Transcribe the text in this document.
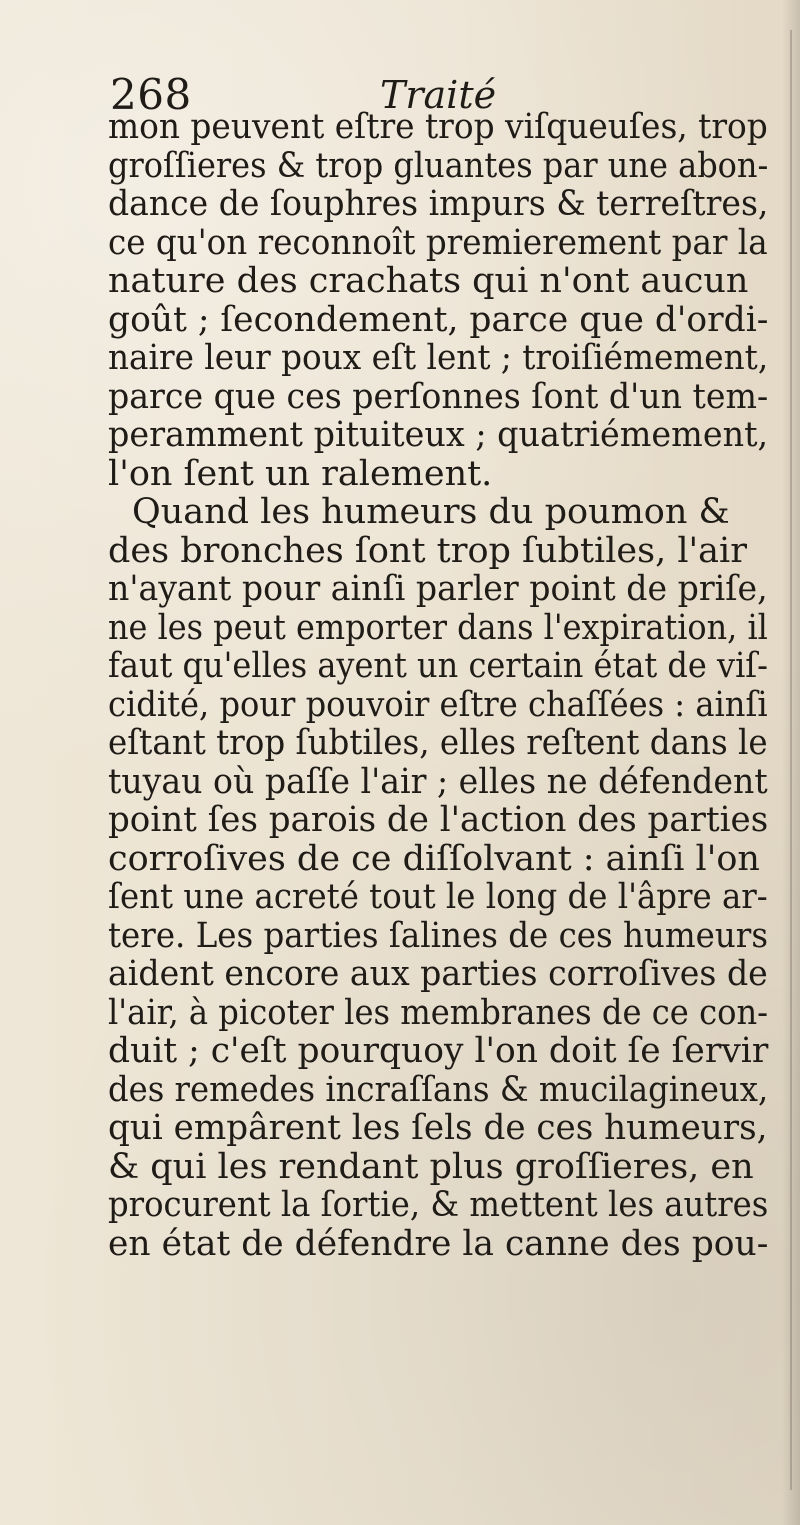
268	Traité
mon peuvent eſtre trop viſqueuſes, trop
groſſieres & trop gluantes par une abon-
dance de ſouphres impurs & terreſtres,
ce qu'on reconnoît premierement par la
nature des crachats qui n'ont aucun
goût ; ſecondement, parce que d'ordi-
naire leur poux eſt lent ; troiſiémement,
parce que ces perſonnes ſont d'un tem-
peramment pituiteux ; quatriémement,
l'on ſent un ralement.
Quand les humeurs du poumon &
des bronches ſont trop ſubtiles, l'air
n'ayant pour ainſi parler point de priſe,
ne les peut emporter dans l'expiration, il
faut qu'elles ayent un certain état de viſ-
cidité, pour pouvoir eſtre chaſſées : ainſi
eſtant trop ſubtiles, elles reſtent dans le
tuyau où paſſe l'air ; elles ne défendent
point ſes parois de l'action des parties
corroſives de ce diſſolvant : ainſi l'on
ſent une acreté tout le long de l'âpre ar-
tere. Les parties ſalines de ces humeurs
aident encore aux parties corroſives de
l'air, à picoter les membranes de ce con-
duit ; c'eſt pourquoy l'on doit ſe ſervir
des remedes incraſſans & mucilagineux,
qui empârent les ſels de ces humeurs,
& qui les rendant plus groſſieres, en
procurent la ſortie, & mettent les autres
en état de défendre la canne des pou-
